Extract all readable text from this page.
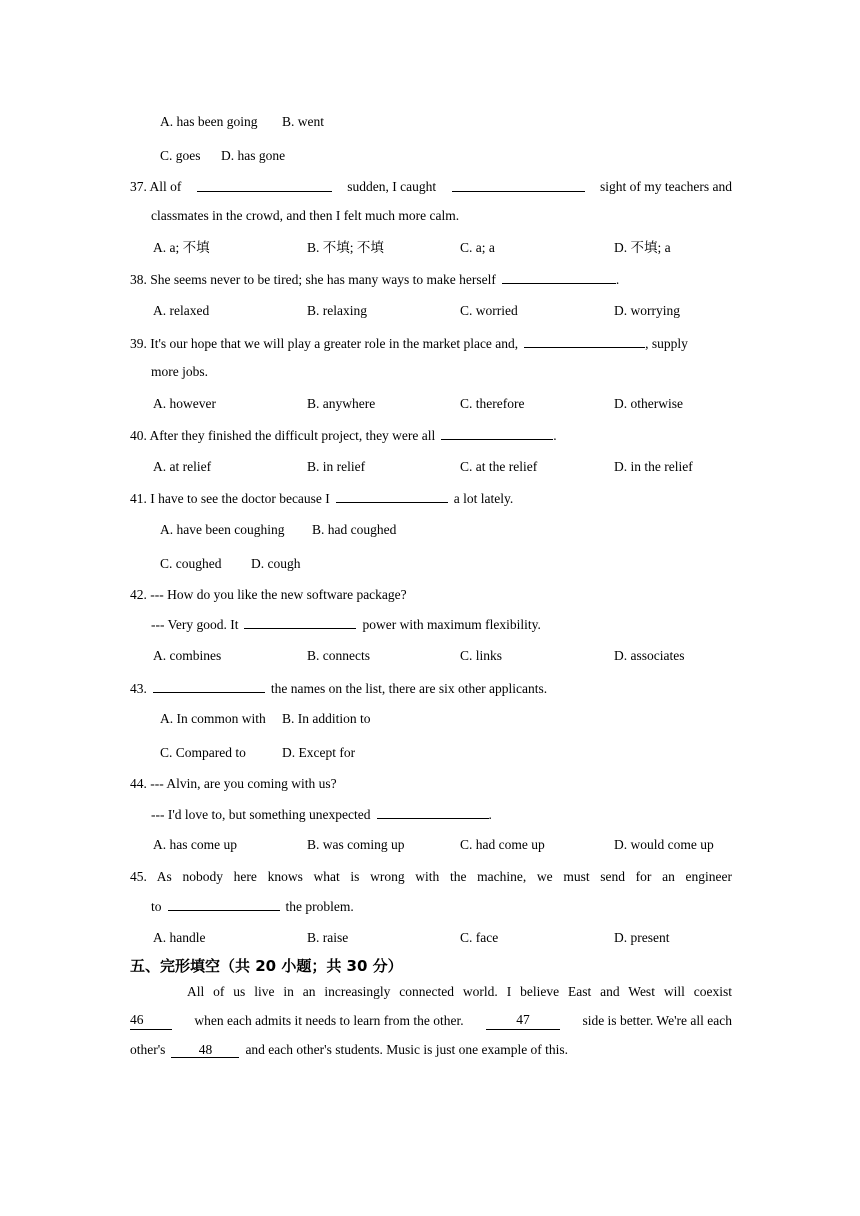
A. has been going B. went
C. goes D. has gone
37. All of	sudden, I caught	sight of my teachers and
classmates in the crowd, and then I felt much more calm.
A. a; 不填	B. 不填; 不填	C. a; a	D. 不填; a
38. She seems never to be tired; she has many ways to make herself	.
A. relaxed	B. relaxing	C. worried	D. worrying
39. It's our hope that we will play a greater role in the market place and,	, supply
more jobs.
A. however	B. anywhere	C. therefore	D. otherwise
40. After they finished the difficult project, they were all	.
A. at relief	B. in relief	C. at the relief	D. in the relief
41. I have to see the doctor because I	a lot lately.
A. have been coughing B. had coughed
C. coughed D. cough
42. --- How do you like the new software package?
--- Very good. It	power with maximum flexibility.
A. combines	B. connects	C. links	D. associates
43.	the names on the list, there are six other applicants.
A. In common with B. In addition to
C. Compared to	D. Except for
44. --- Alvin, are you coming with us?
--- I'd love to, but something unexpected	.
A. has come up	B. was coming up	C. had come up	D. would come up
45. As nobody here knows what is wrong with the machine, we must send for an engineer
to	the problem.
A. handle	B. raise	C. face	D. present
五、完形填空（共 20 小题；共 30 分）
All of us live in an increasingly connected world. I believe East and West will coexist
46	when each admits it needs to learn from the other.	47	side is better. We're all each
other's 48 and each other's students. Music is just one example of this.
